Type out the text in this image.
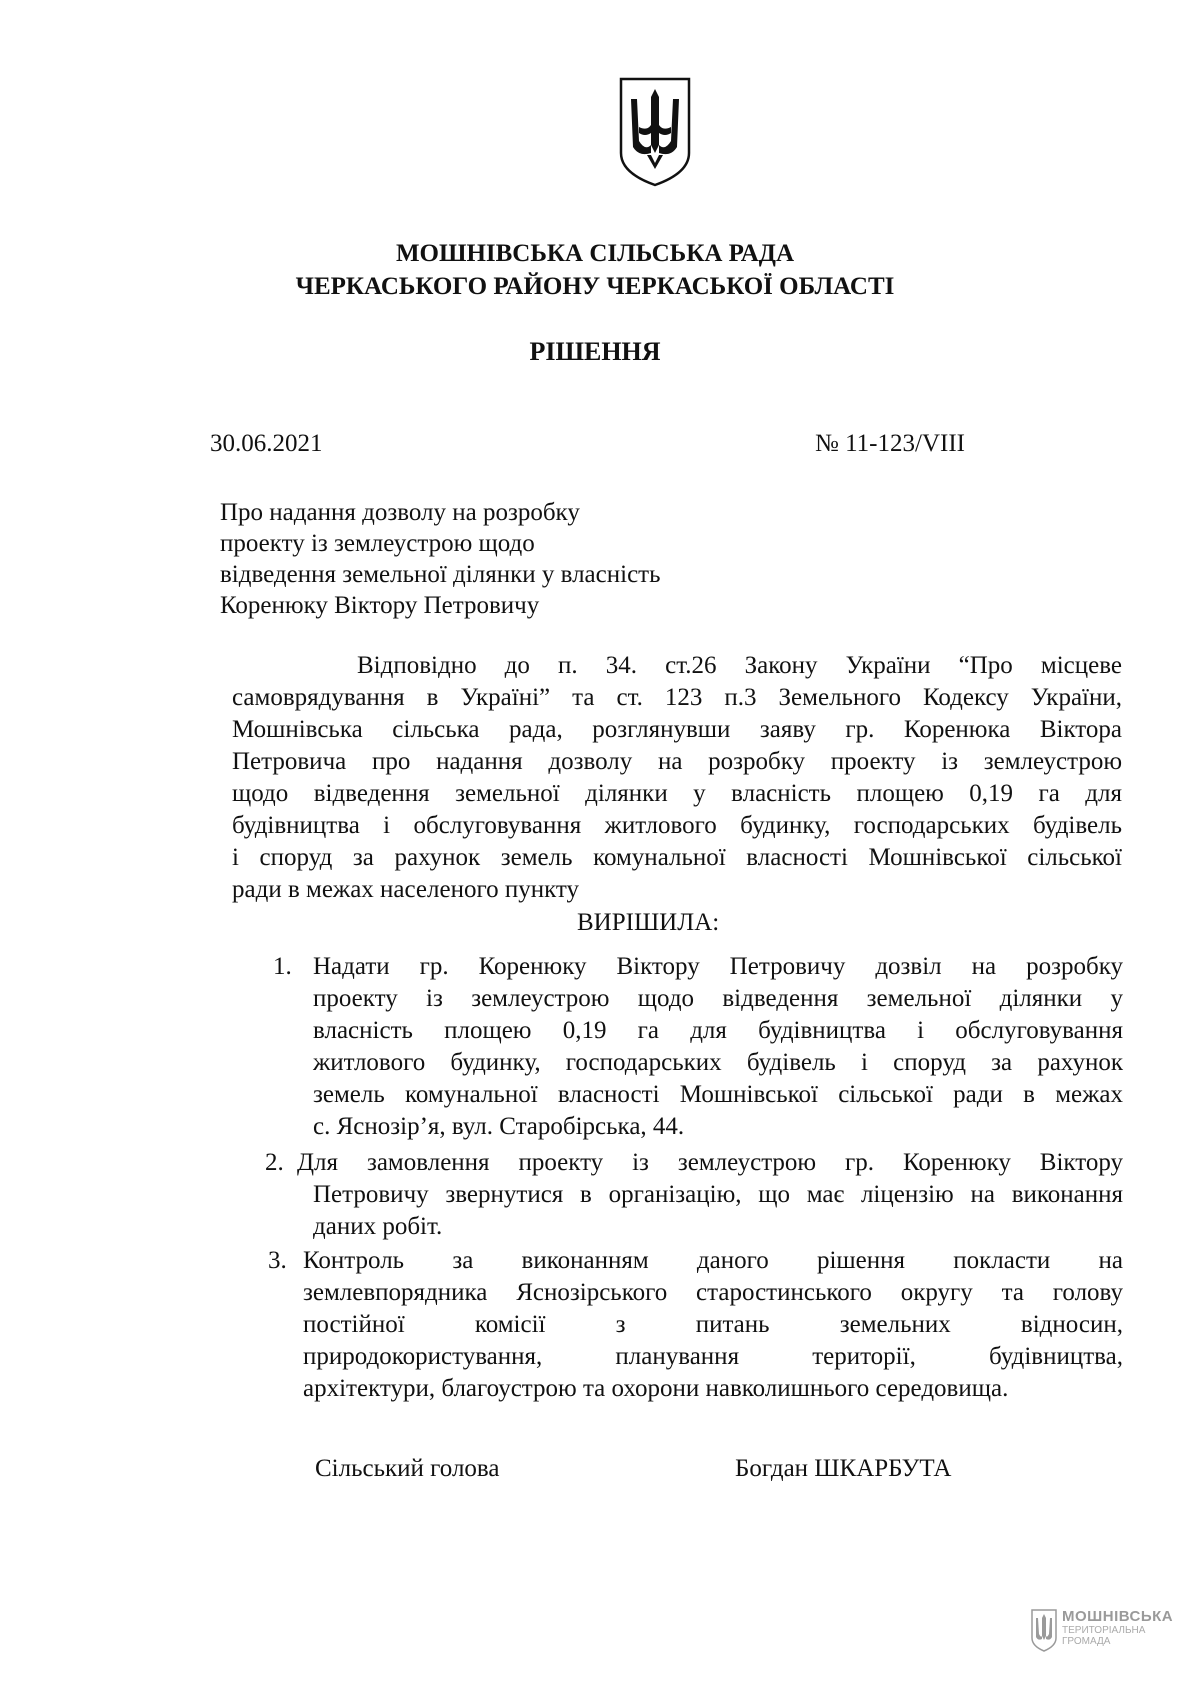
МОШНІВСЬКА СІЛЬСЬКА РАДА
ЧЕРКАСЬКОГО РАЙОНУ ЧЕРКАСЬКОЇ ОБЛАСТІ
РІШЕННЯ
30.06.2021	№ 11-123/VIII
Про надання дозволу на розробку
проекту із землеустрою щодо
відведення земельної ділянки у власність
Коренюку Віктору Петровичу
Відповідно до п. 34. ст.26 Закону України “Про місцеве
самоврядування в Україні” та ст. 123 п.3 Земельного Кодексу України,
Мошнівська сільська рада, розглянувши заяву гр. Коренюка Віктора
Петровича про надання дозволу на розробку проекту із землеустрою
щодо відведення земельної ділянки у власність площею 0,19 га для
будівництва і обслуговування житлового будинку, господарських будівель
і споруд за рахунок земель комунальної власності Мошнівської сільської
ради в межах населеного пункту
ВИРІШИЛА:
1. Надати гр. Коренюку Віктору Петровичу дозвіл на розробку
проекту із землеустрою щодо відведення земельної ділянки у
власність площею 0,19 га для будівництва і обслуговування
житлового будинку, господарських будівель і споруд за рахунок
земель комунальної власності Мошнівської сільської ради в межах
с. Яснозір’я, вул. Старобірська, 44.
2. Для замовлення проекту із землеустрою гр. Коренюку Віктору
Петровичу звернутися в організацію, що має ліцензію на виконання
даних робіт.
3. Контроль за виконанням даного рішення покласти на
землевпорядника Яснозірського старостинського округу та голову
постійної комісії з питань земельних відносин,
природокористування, планування території, будівництва,
архітектури, благоустрою та охорони навколишнього середовища.
Сільський голова	Богдан ШКАРБУТА
МОШНІВСЬКА
ТЕРИТОРІАЛЬНА
ГРОМАДА
